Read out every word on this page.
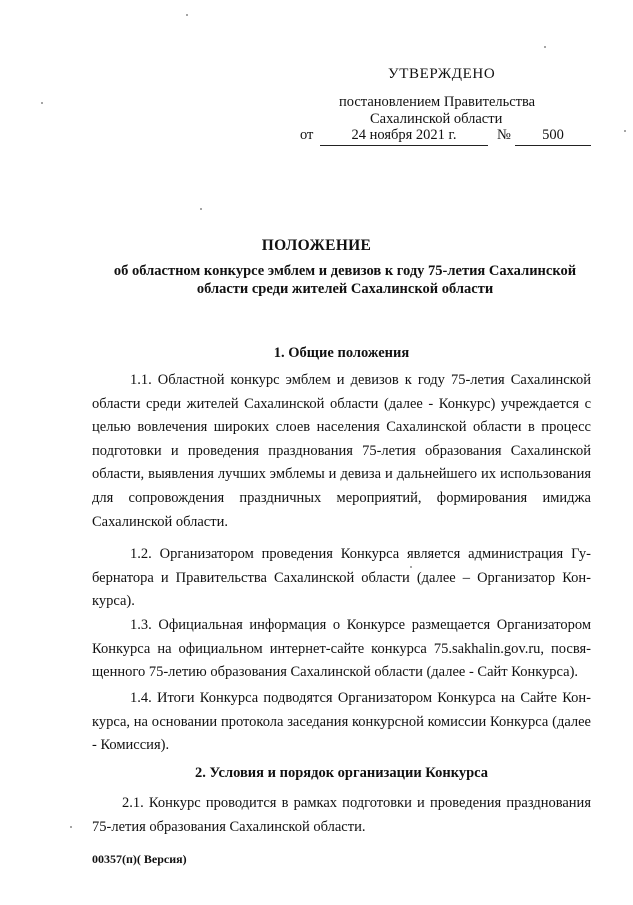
УТВЕРЖДЕНО
постановлением Правительства
Сахалинской области
от	24 ноября 2021 г.	№	500
ПОЛОЖЕНИЕ
об областном конкурсе эмблем и девизов к году 75-летия Сахалинской области среди жителей Сахалинской области
1. Общие положения
1.1. Областной конкурс эмблем и девизов к году 75-летия Сахалинской области среди жителей Сахалинской области (далее - Конкурс) учреждается с целью вовлечения широких слоев населения Сахалинской области в процесс подготовки и проведения празднования 75-летия образования Сахалинской области, выявления лучших эмблемы и девиза и дальнейшего их использования для сопровождения праздничных мероприятий, формирования имиджа Сахалинской области.
1.2. Организатором проведения Конкурса является администрация Губернатора и Правительства Сахалинской области (далее – Организатор Конкурса).
1.3. Официальная информация о Конкурсе размещается Организатором Конкурса на официальном интернет-сайте конкурса 75.sakhalin.gov.ru, посвященного 75-летию образования Сахалинской области (далее - Сайт Конкурса).
1.4. Итоги Конкурса подводятся Организатором Конкурса на Сайте Конкурса, на основании протокола заседания конкурсной комиссии Конкурса (далее - Комиссия).
2. Условия и порядок организации Конкурса
2.1. Конкурс проводится в рамках подготовки и проведения празднования 75-летия образования Сахалинской области.
00357(п)( Версия)
